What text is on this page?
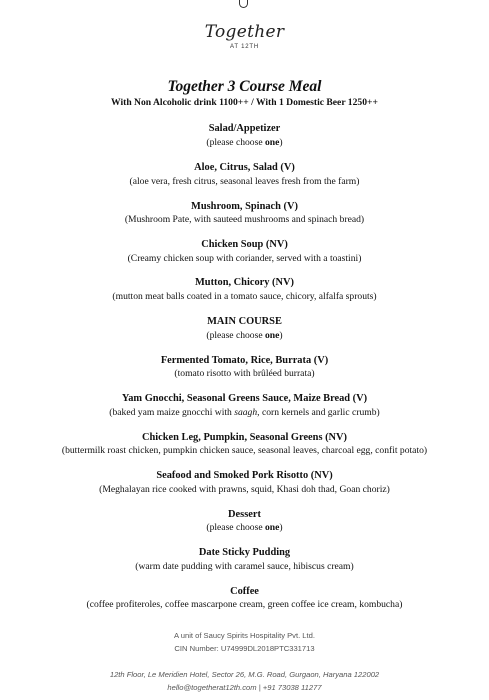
Together
AT 12TH
Together 3 Course Meal
With Non Alcoholic drink 1100++ / With 1 Domestic Beer 1250++
Salad/Appetizer
(please choose one)
Aloe, Citrus, Salad (V)
(aloe vera, fresh citrus, seasonal leaves fresh from the farm)
Mushroom, Spinach (V)
(Mushroom Pate, with sauteed mushrooms and spinach bread)
Chicken Soup (NV)
(Creamy chicken soup with coriander, served with a toastini)
Mutton, Chicory (NV)
(mutton meat balls coated in a tomato sauce, chicory, alfalfa sprouts)
MAIN COURSE
(please choose one)
Fermented Tomato, Rice, Burrata (V)
(tomato risotto with brûléed burrata)
Yam Gnocchi, Seasonal Greens Sauce, Maize Bread (V)
(baked yam maize gnocchi with saagh, corn kernels and garlic crumb)
Chicken Leg, Pumpkin, Seasonal Greens (NV)
(buttermilk roast chicken, pumpkin chicken sauce, seasonal leaves, charcoal egg, confit potato)
Seafood and Smoked Pork Risotto (NV)
(Meghalayan rice cooked with prawns, squid, Khasi doh thad, Goan choriz)
Dessert
(please choose one)
Date Sticky Pudding
(warm date pudding with caramel sauce, hibiscus cream)
Coffee
(coffee profiteroles, coffee mascarpone cream, green coffee ice cream, kombucha)
A unit of Saucy Spirits Hospitality Pvt. Ltd.
CIN Number: U74999DL2018PTC331713
12th Floor, Le Meridien Hotel, Sector 26, M.G. Road, Gurgaon, Haryana 122002
hello@togetherat12th.com | +91 73038 11277
